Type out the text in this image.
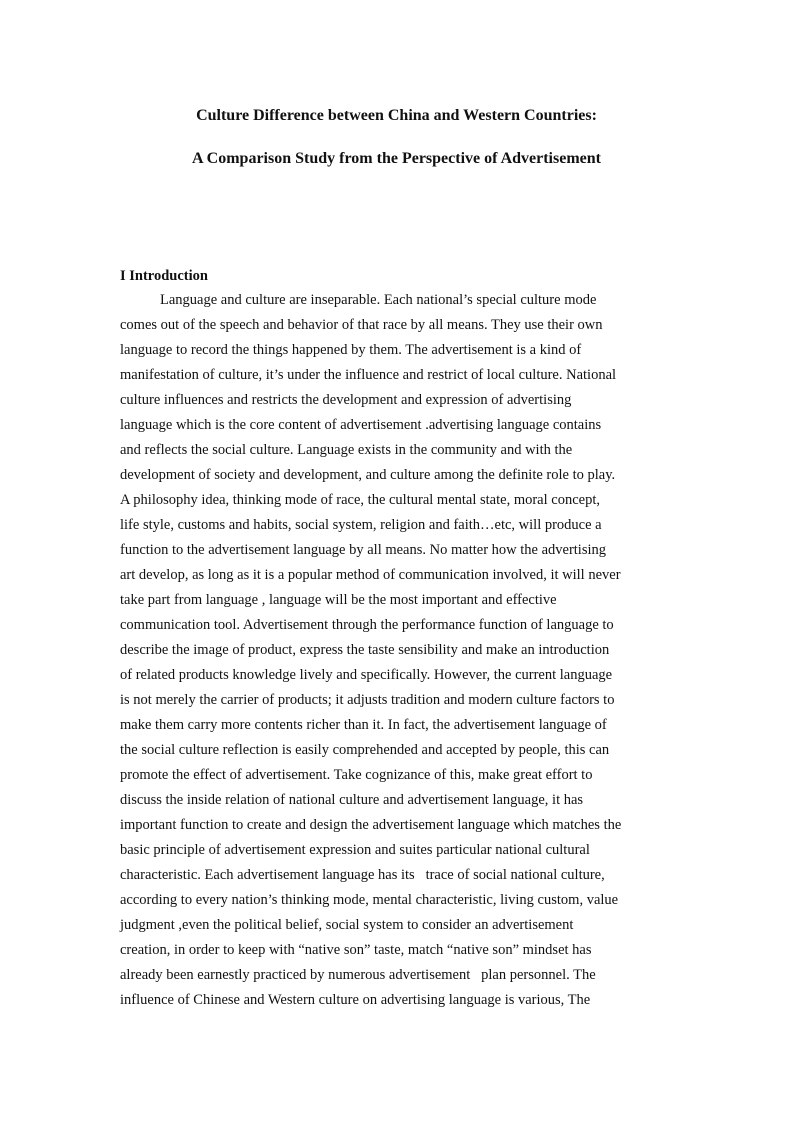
Culture Difference between China and Western Countries:
A Comparison Study from the Perspective of Advertisement
I Introduction
Language and culture are inseparable. Each national’s special culture mode
comes out of the speech and behavior of that race by all means. They use their own
language to record the things happened by them. The advertisement is a kind of
manifestation of culture, it’s under the influence and restrict of local culture. National
culture influences and restricts the development and expression of advertising
language which is the core content of advertisement .advertising language contains
and reflects the social culture. Language exists in the community and with the
development of society and development, and culture among the definite role to play.
A philosophy idea, thinking mode of race, the cultural mental state, moral concept,
life style, customs and habits, social system, religion and faith…etc, will produce a
function to the advertisement language by all means. No matter how the advertising
art develop, as long as it is a popular method of communication involved, it will never
take part from language , language will be the most important and effective
communication tool. Advertisement through the performance function of language to
describe the image of product, express the taste sensibility and make an introduction
of related products knowledge lively and specifically. However, the current language
is not merely the carrier of products; it adjusts tradition and modern culture factors to
make them carry more contents richer than it. In fact, the advertisement language of
the social culture reflection is easily comprehended and accepted by people, this can
promote the effect of advertisement. Take cognizance of this, make great effort to
discuss the inside relation of national culture and advertisement language, it has
important function to create and design the advertisement language which matches the
basic principle of advertisement expression and suites particular national cultural
characteristic. Each advertisement language has its   trace of social national culture,
according to every nation’s thinking mode, mental characteristic, living custom, value
judgment ,even the political belief, social system to consider an advertisement
creation, in order to keep with “native son” taste, match “native son” mindset has
already been earnestly practiced by numerous advertisement   plan personnel. The
influence of Chinese and Western culture on advertising language is various, The
